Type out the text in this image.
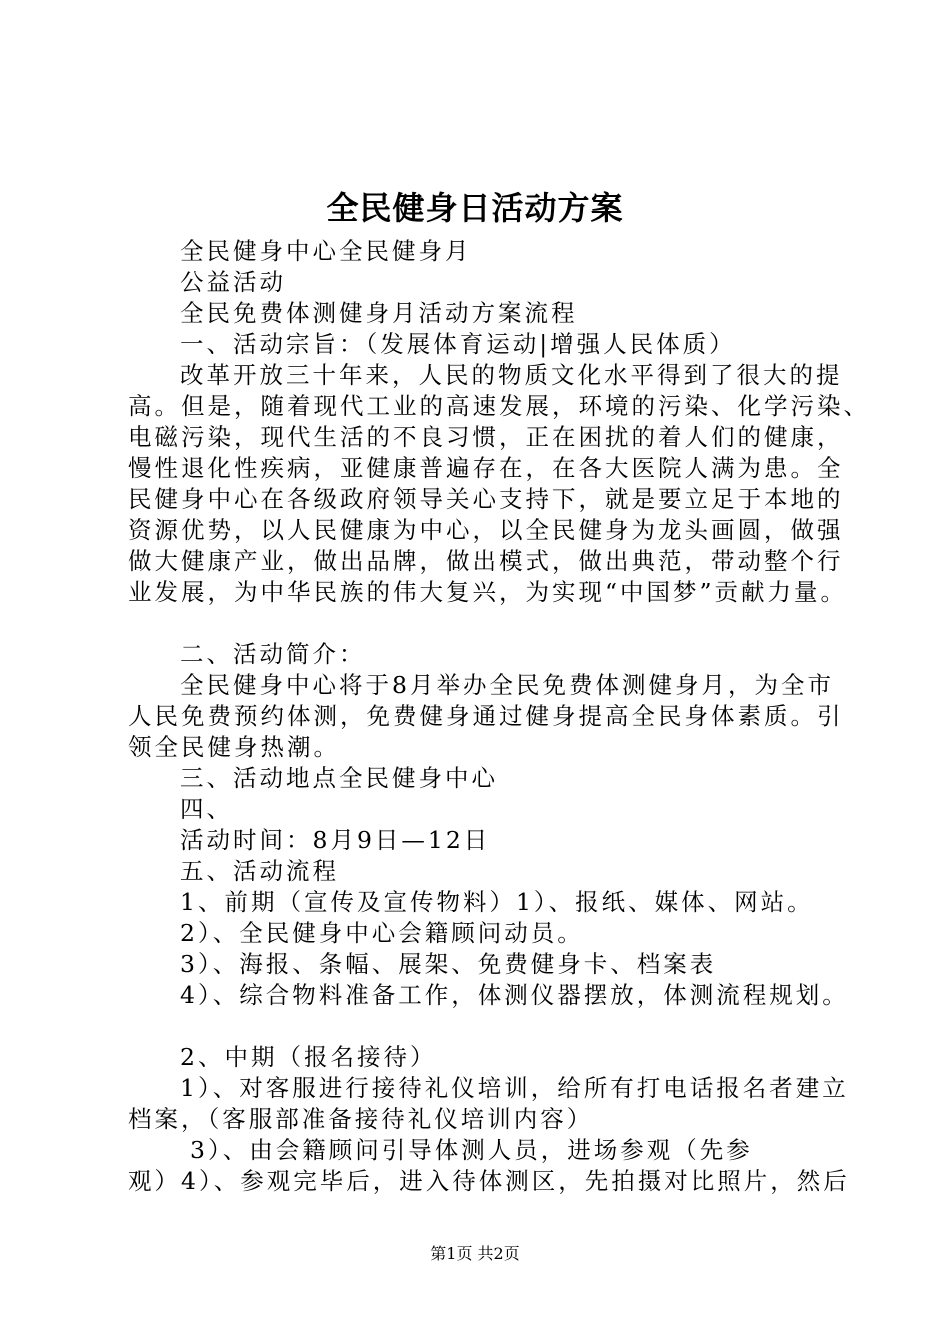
全民健身日活动方案
全民健身中心全民健身月
公益活动
全民免费体测健身月活动方案流程
一、活动宗旨：（发展体育运动|增强人民体质）
改革开放三十年来，人民的物质文化水平得到了很大的提
高。但是，随着现代工业的高速发展，环境的污染、化学污染、
电磁污染，现代生活的不良习惯，正在困扰的着人们的健康，
慢性退化性疾病，亚健康普遍存在，在各大医院人满为患。全
民健身中心在各级政府领导关心支持下，就是要立足于本地的
资源优势，以人民健康为中心，以全民健身为龙头画圆，做强
做大健康产业，做出品牌，做出模式，做出典范，带动整个行
业发展，为中华民族的伟大复兴，为实现“中国梦”贡献力量。
二、活动简介：
全民健身中心将于8月举办全民免费体测健身月，为全市
人民免费预约体测，免费健身通过健身提高全民身体素质。引
领全民健身热潮。
三、活动地点全民健身中心
四、
活动时间：8月9日—12日
五、活动流程
1、前期（宣传及宣传物料）1）、报纸、媒体、网站。
2）、全民健身中心会籍顾问动员。
3）、海报、条幅、展架、免费健身卡、档案表
4）、综合物料准备工作，体测仪器摆放，体测流程规划。
2、中期（报名接待）
1）、对客服进行接待礼仪培训，给所有打电话报名者建立
档案，（客服部准备接待礼仪培训内容）
3）、由会籍顾问引导体测人员，进场参观（先参
观）4）、参观完毕后，进入待体测区，先拍摄对比照片，然后
第1页 共2页
